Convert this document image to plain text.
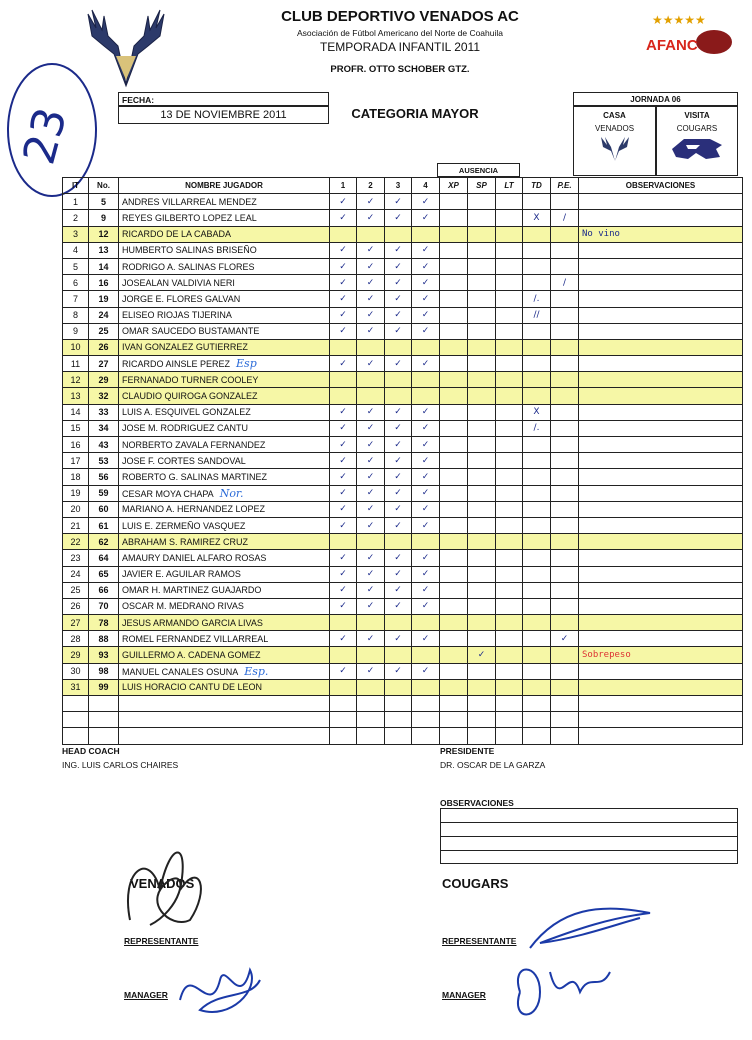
23
★★★★★
AFANC
CLUB DEPORTIVO VENADOS AC
Asociación de Fútbol Americano del Norte de Coahuila
TEMPORADA INFANTIL 2011
PROFR. OTTO SCHOBER GTZ.
FECHA:
13 DE NOVIEMBRE 2011	CATEGORIA MAYOR
JORNADA 06
CASA
VENADOS
VISITA
COUGARS
AUSENCIA
IT	No.	NOMBRE JUGADOR	1	2	3	4	XP	SP	LT	TD	P.E.	OBSERVACIONES
1	5	ANDRES VILLARREAL MENDEZ	✓	✓	✓	✓						
2	9	REYES GILBERTO LOPEZ LEAL	✓	✓	✓	✓				X	/	
3	12	RICARDO DE LA CABADA										No vino
4	13	HUMBERTO SALINAS BRISEÑO	✓	✓	✓	✓						
5	14	RODRIGO A. SALINAS FLORES	✓	✓	✓	✓						
6	16	JOSEALAN VALDIVIA NERI	✓	✓	✓	✓					/	
7	19	JORGE E. FLORES GALVAN	✓	✓	✓	✓				/.		
8	24	ELISEO RIOJAS TIJERINA	✓	✓	✓	✓				//		
9	25	OMAR SAUCEDO BUSTAMANTE	✓	✓	✓	✓						
10	26	IVAN GONZALEZ GUTIERREZ										
11	27	RICARDO AINSLE PEREZ Esp	✓	✓	✓	✓						
12	29	FERNANADO TURNER COOLEY										
13	32	CLAUDIO QUIROGA GONZALEZ										
14	33	LUIS A. ESQUIVEL GONZALEZ	✓	✓	✓	✓				X		
15	34	JOSE M. RODRIGUEZ CANTU	✓	✓	✓	✓				/.		
16	43	NORBERTO ZAVALA FERNANDEZ	✓	✓	✓	✓						
17	53	JOSE F. CORTES SANDOVAL	✓	✓	✓	✓						
18	56	ROBERTO G. SALINAS MARTINEZ	✓	✓	✓	✓						
19	59	CESAR MOYA CHAPA Nor.	✓	✓	✓	✓						
20	60	MARIANO A. HERNANDEZ LOPEZ	✓	✓	✓	✓						
21	61	LUIS E. ZERMEÑO VASQUEZ	✓	✓	✓	✓						
22	62	ABRAHAM S. RAMIREZ CRUZ										
23	64	AMAURY DANIEL ALFARO ROSAS	✓	✓	✓	✓						
24	65	JAVIER E. AGUILAR RAMOS	✓	✓	✓	✓						
25	66	OMAR H. MARTINEZ GUAJARDO	✓	✓	✓	✓						
26	70	OSCAR M. MEDRANO RIVAS	✓	✓	✓	✓						
27	78	JESUS ARMANDO GARCIA LIVAS										
28	88	ROMEL FERNANDEZ VILLARREAL	✓	✓	✓	✓					✓	
29	93	GUILLERMO A. CADENA GOMEZ						✓				Sobrepeso
30	98	MANUEL CANALES OSUNA Esp.	✓	✓	✓	✓						
31	99	LUIS HORACIO CANTU DE LEON										

HEAD COACH
ING. LUIS CARLOS CHAIRES
PRESIDENTE
DR. OSCAR DE LA GARZA
OBSERVACIONES
VENADOS	COUGARS
REPRESENTANTE	REPRESENTANTE
MANAGER	MANAGER
